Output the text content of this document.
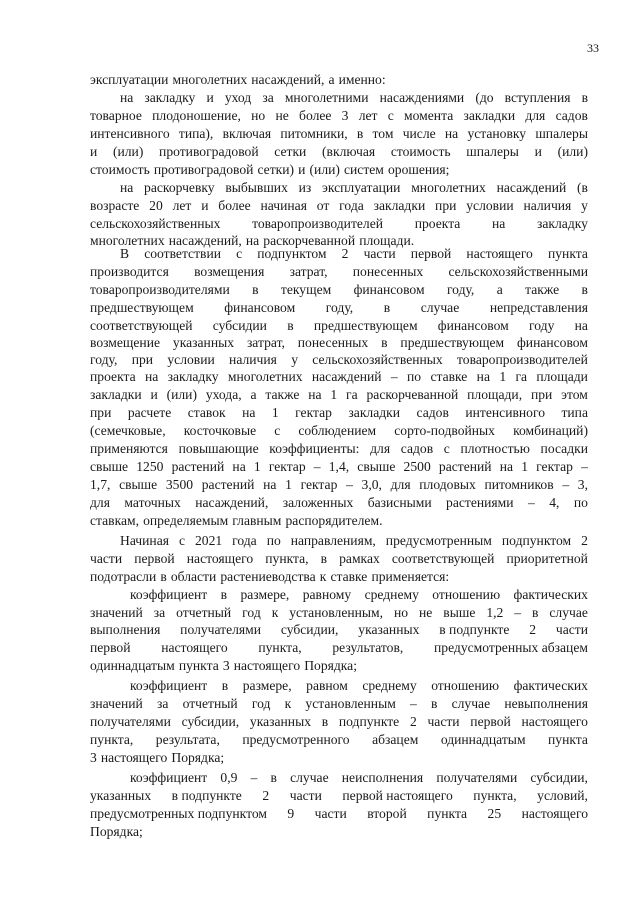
33
эксплуатации многолетних насаждений, а именно:
на закладку и уход за многолетними насаждениями (до вступления в
товарное плодоношение, но не более 3 лет с момента закладки для садов
интенсивного типа), включая питомники, в том числе на установку шпалеры
и (или) противоградовой сетки (включая стоимость шпалеры и (или)
стоимость противоградовой сетки) и (или) систем орошения;
на раскорчевку выбывших из эксплуатации многолетних насаждений (в
возрасте 20 лет и более начиная от года закладки при условии наличия у
сельскохозяйственных товаропроизводителей проекта на закладку
многолетних насаждений, на раскорчеванной площади.
В соответствии с подпунктом 2 части первой настоящего пункта
производится возмещения затрат, понесенных сельскохозяйственными
товаропроизводителями в текущем финансовом году, а также в
предшествующем финансовом году, в случае непредставления
соответствующей субсидии в предшествующем финансовом году на
возмещение указанных затрат, понесенных в предшествующем финансовом
году, при условии наличия у сельскохозяйственных товаропроизводителей
проекта на закладку многолетних насаждений – по ставке на 1 га площади
закладки и (или) ухода, а также на 1 га раскорчеванной площади, при этом
при расчете ставок на 1 гектар закладки садов интенсивного типа
(семечковые, косточковые с соблюдением сорто-подвойных комбинаций)
применяются повышающие коэффициенты: для садов с плотностью посадки
свыше 1250 растений на 1 гектар – 1,4, свыше 2500 растений на 1 гектар –
1,7, свыше 3500 растений на 1 гектар – 3,0, для плодовых питомников – 3,
для маточных насаждений, заложенных базисными растениями – 4, по
ставкам, определяемым главным распорядителем.
Начиная с 2021 года по направлениям, предусмотренным подпунктом 2
части первой настоящего пункта, в рамках соответствующей приоритетной
подотрасли в области растениеводства к ставке применяется:
коэффициент в размере, равному среднему отношению фактических
значений за отчетный год к установленным, но не выше 1,2 – в случае
выполнения получателями субсидии, указанных в подпункте 2 части
первой настоящего пункта, результатов, предусмотренных абзацем
одиннадцатым пункта 3 настоящего Порядка;
коэффициент в размере, равном среднему отношению фактических
значений за отчетный год к установленным – в случае невыполнения
получателями субсидии, указанных в подпункте 2 части первой настоящего
пункта, результата, предусмотренного абзацем одиннадцатым пункта
3 настоящего Порядка;
коэффициент 0,9 – в случае неисполнения получателями субсидии,
указанных в подпункте 2 части первой настоящего пункта, условий,
предусмотренных подпунктом 9 части второй пункта 25 настоящего
Порядка;
